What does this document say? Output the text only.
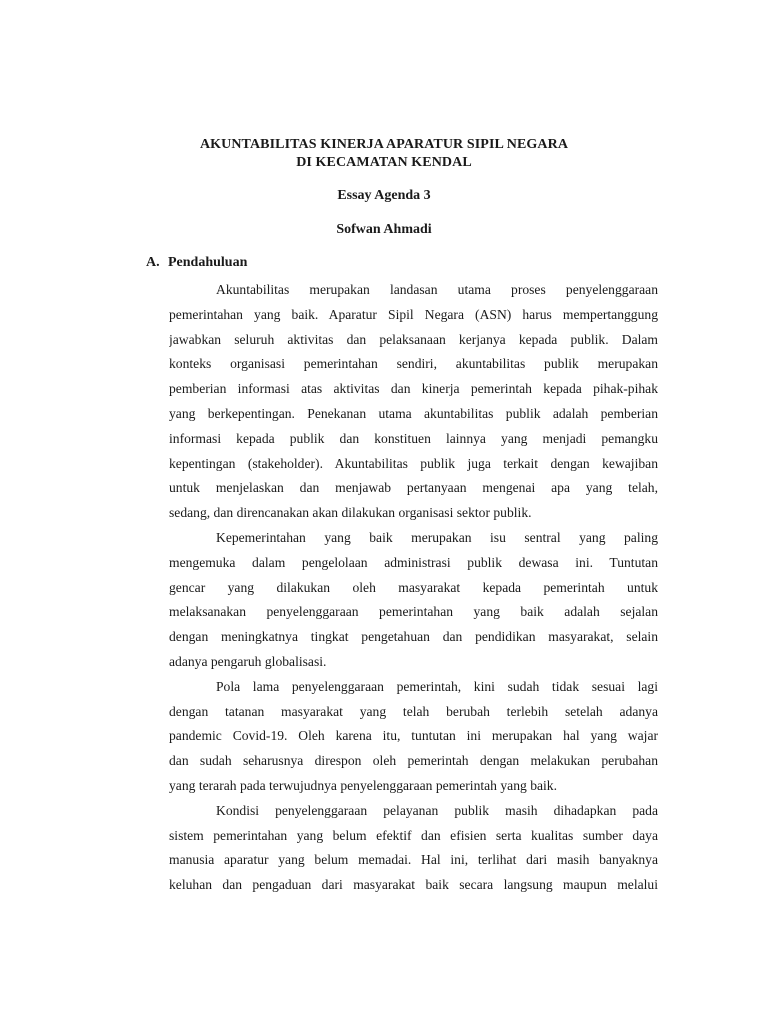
AKUNTABILITAS KINERJA APARATUR SIPIL NEGARA
DI KECAMATAN KENDAL
Essay Agenda 3
Sofwan Ahmadi
A. Pendahuluan
Akuntabilitas merupakan landasan utama proses penyelenggaraan
pemerintahan yang baik. Aparatur Sipil Negara (ASN) harus mempertanggung
jawabkan seluruh aktivitas dan pelaksanaan kerjanya kepada publik. Dalam
konteks organisasi pemerintahan sendiri, akuntabilitas publik merupakan
pemberian informasi atas aktivitas dan kinerja pemerintah kepada pihak-pihak
yang berkepentingan. Penekanan utama akuntabilitas publik adalah pemberian
informasi kepada publik dan konstituen lainnya yang menjadi pemangku
kepentingan (stakeholder). Akuntabilitas publik juga terkait dengan kewajiban
untuk menjelaskan dan menjawab pertanyaan mengenai apa yang telah,
sedang, dan direncanakan akan dilakukan organisasi sektor publik.
Kepemerintahan yang baik merupakan isu sentral yang paling
mengemuka dalam pengelolaan administrasi publik dewasa ini. Tuntutan
gencar yang dilakukan oleh masyarakat kepada pemerintah untuk
melaksanakan penyelenggaraan pemerintahan yang baik adalah sejalan
dengan meningkatnya tingkat pengetahuan dan pendidikan masyarakat, selain
adanya pengaruh globalisasi.
Pola lama penyelenggaraan pemerintah, kini sudah tidak sesuai lagi
dengan tatanan masyarakat yang telah berubah terlebih setelah adanya
pandemic Covid-19. Oleh karena itu, tuntutan ini merupakan hal yang wajar
dan sudah seharusnya direspon oleh pemerintah dengan melakukan perubahan
yang terarah pada terwujudnya penyelenggaraan pemerintah yang baik.
Kondisi penyelenggaraan pelayanan publik masih dihadapkan pada
sistem pemerintahan yang belum efektif dan efisien serta kualitas sumber daya
manusia aparatur yang belum memadai. Hal ini, terlihat dari masih banyaknya
keluhan dan pengaduan dari masyarakat baik secara langsung maupun melalui
